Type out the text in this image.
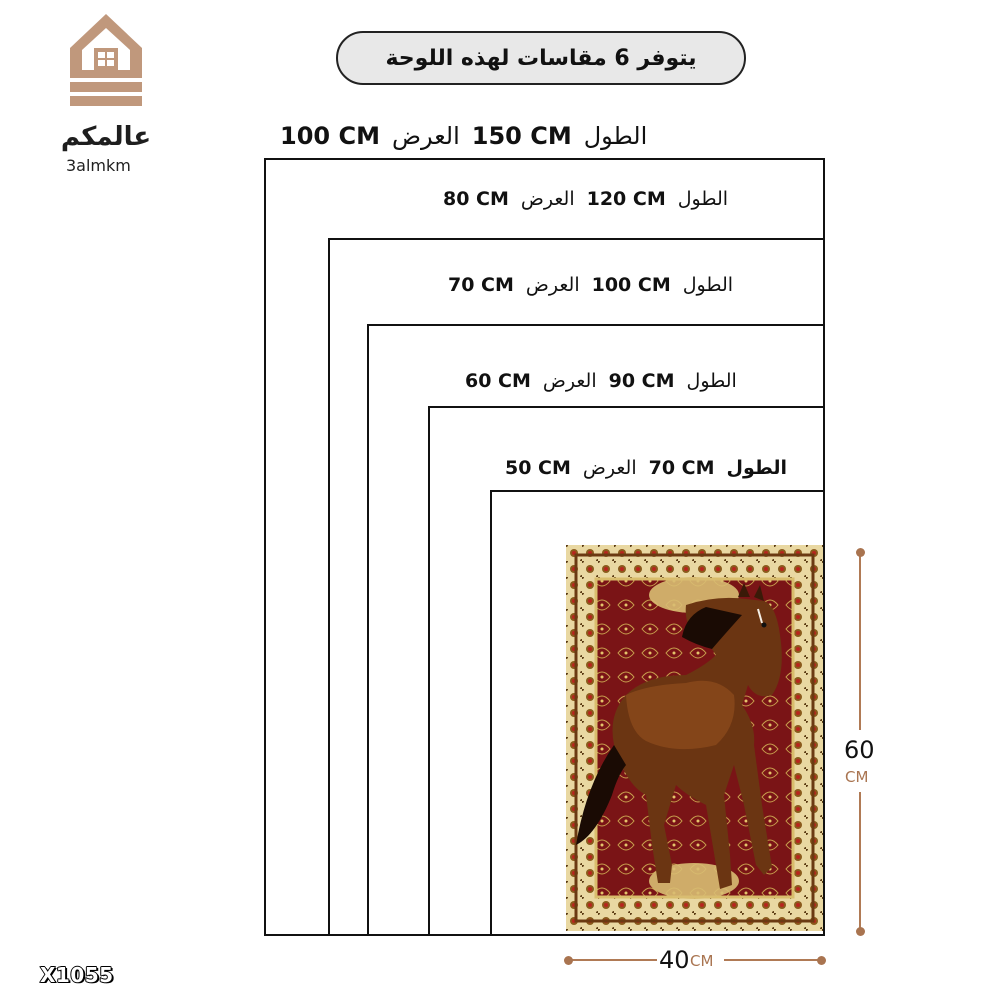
عالمكم
3almkm
يتوفر 6 مقاسات لهذه اللوحة
الطول
150 CM
العرض
100 CM
الطول
120 CM
العرض
80 CM
الطول
100 CM
العرض
70 CM
الطول
90 CM
العرض
60 CM
الطول
70 CM
العرض
50 CM
60
CM
40 CM
X1055
